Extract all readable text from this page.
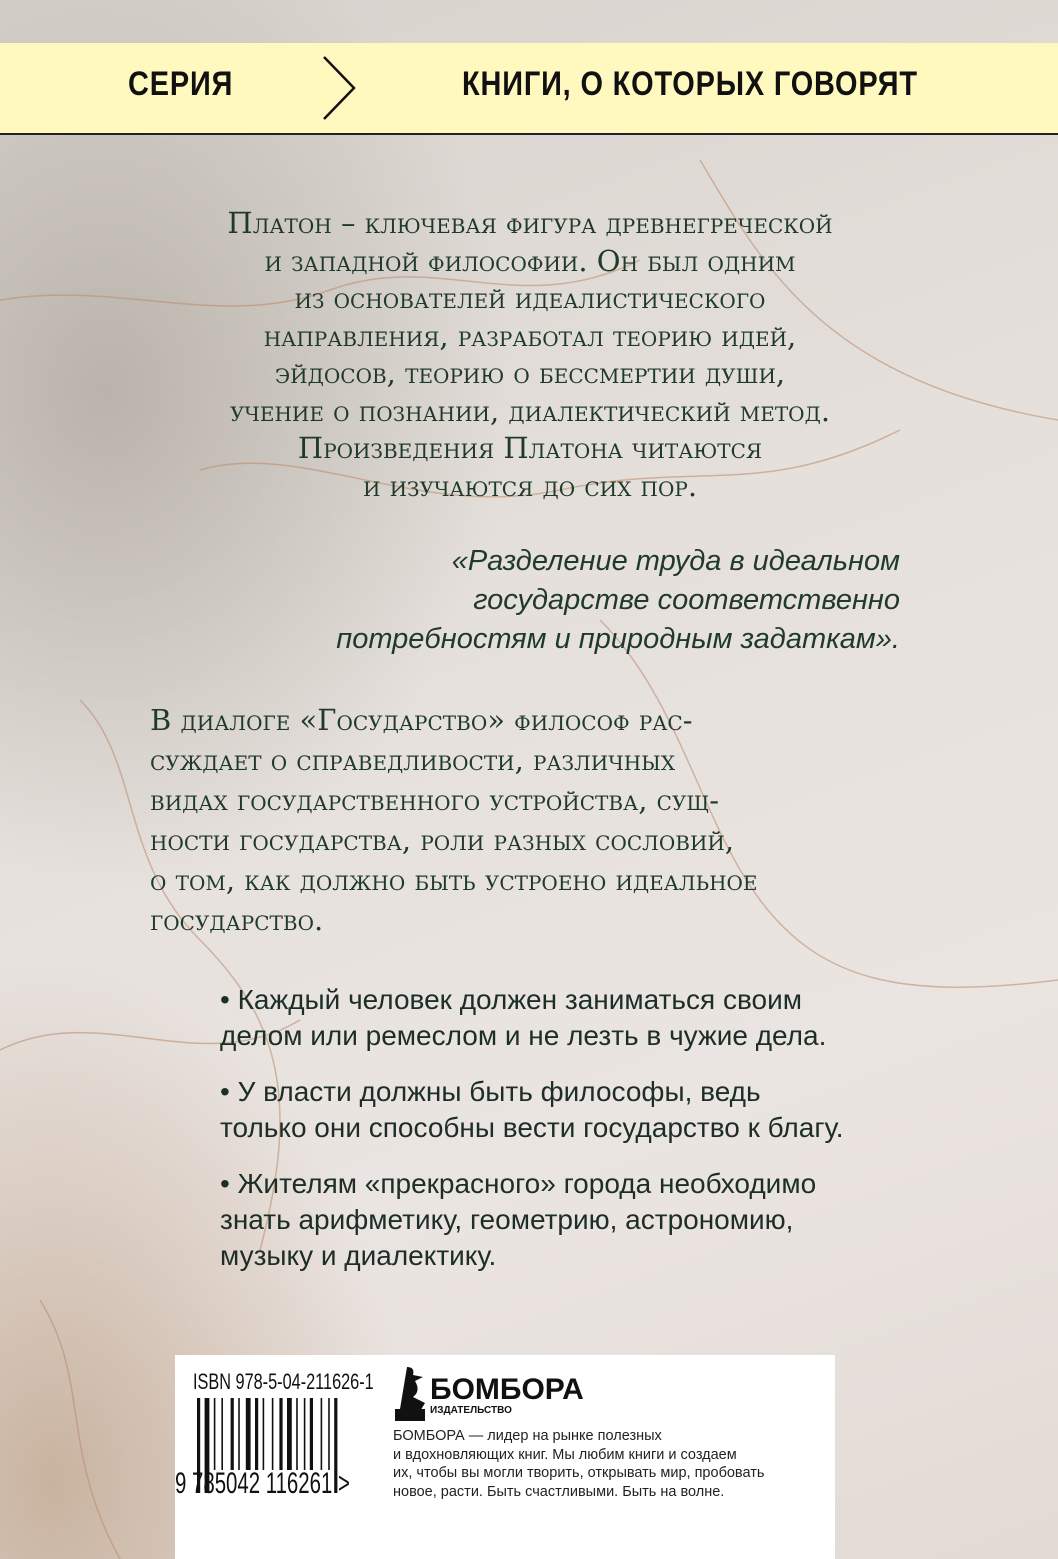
СЕРИЯ	КНИГИ, О КОТОРЫХ ГОВОРЯТ
Платон – ключевая фигура древнегреческой
и западной философии. Он был одним
из основателей идеалистического
направления, разработал теорию идей,
эйдосов, теорию о бессмертии души,
учение о познании, диалектический метод.
Произведения Платона читаются
и изучаются до сих пор.
«Разделение труда в идеальном
государстве соответственно
потребностям и природным задаткам».
В диалоге «Государство» философ рас-
суждает о справедливости, различных
видах государственного устройства, сущ-
ности государства, роли разных сословий,
о том, как должно быть устроено идеальное
государство.
• Каждый человек должен заниматься своим
делом или ремеслом и не лезть в чужие дела.
• У власти должны быть философы, ведь
только они способны вести государство к благу.
• Жителям «прекрасного» города необходимо
знать арифметику, геометрию, астрономию,
музыку и диалектику.
ISBN 978-5-04-211626-1
9 785042 116261 >
БОМБОРА
ИЗДАТЕЛЬСТВО
БОМБОРА — лидер на рынке полезных
и вдохновляющих книг. Мы любим книги и создаем
их, чтобы вы могли творить, открывать мир, пробовать
новое, расти. Быть счастливыми. Быть на волне.
